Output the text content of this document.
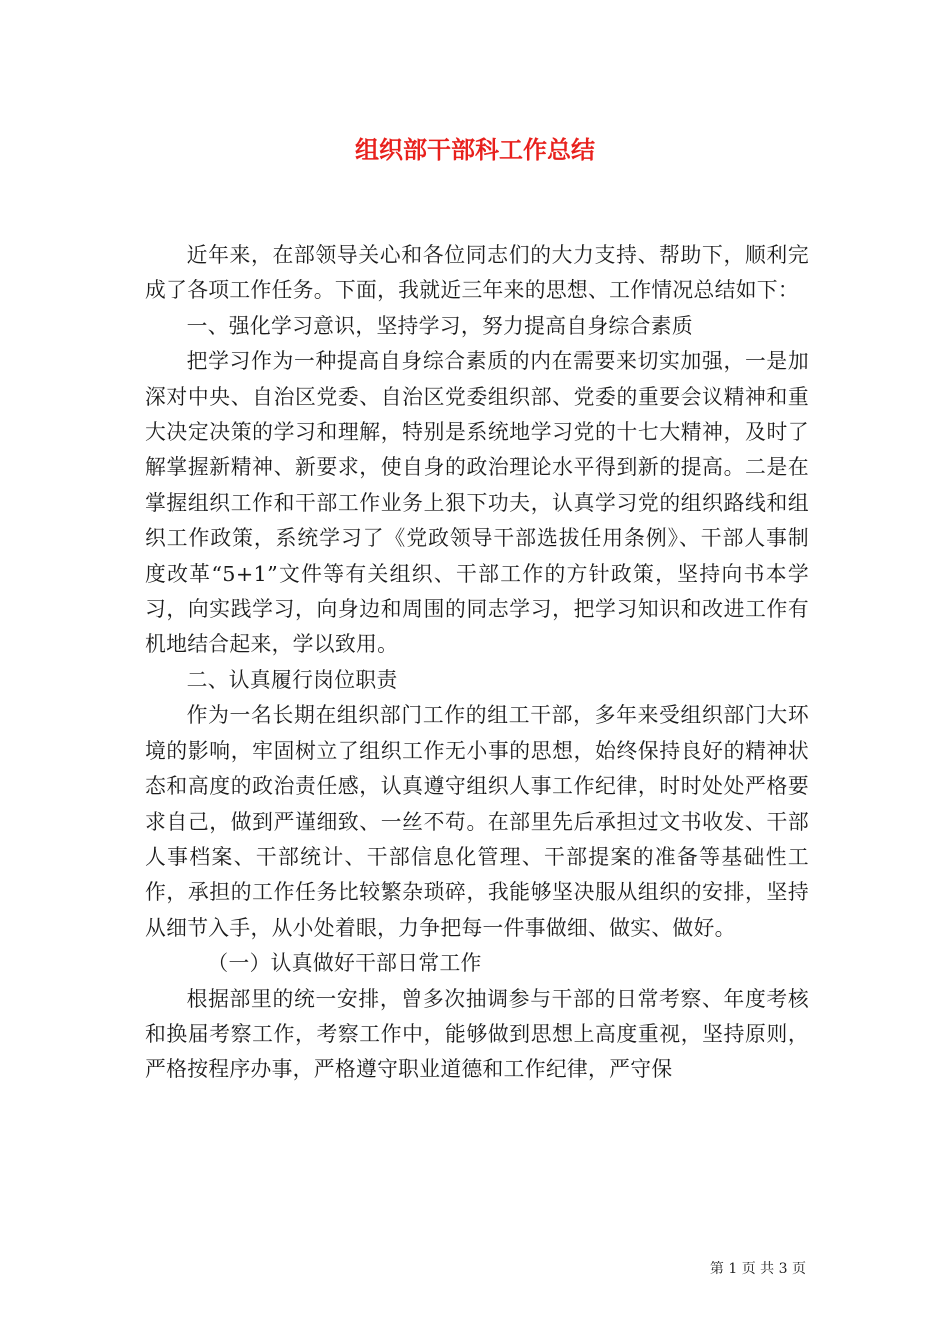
组织部干部科工作总结

近年来，在部领导关心和各位同志们的大力支持、帮助下，顺利完成了各项工作任务。下面，我就近三年来的思想、工作情况总结如下：

一、强化学习意识，坚持学习，努力提高自身综合素质

把学习作为一种提高自身综合素质的内在需要来切实加强，一是加深对中央、自治区党委、自治区党委组织部、党委的重要会议精神和重大决定决策的学习和理解，特别是系统地学习党的十七大精神，及时了解掌握新精神、新要求，使自身的政治理论水平得到新的提高。二是在掌握组织工作和干部工作业务上狠下功夫，认真学习党的组织路线和组织工作政策，系统学习了《党政领导干部选拔任用条例》、干部人事制度改革“5+1”文件等有关组织、干部工作的方针政策，坚持向书本学习，向实践学习，向身边和周围的同志学习，把学习知识和改进工作有机地结合起来，学以致用。

二、认真履行岗位职责

作为一名长期在组织部门工作的组工干部，多年来受组织部门大环境的影响，牢固树立了组织工作无小事的思想，始终保持良好的精神状态和高度的政治责任感，认真遵守组织人事工作纪律，时时处处严格要求自己，做到严谨细致、一丝不苟。在部里先后承担过文书收发、干部人事档案、干部统计、干部信息化管理、干部提案的准备等基础性工作，承担的工作任务比较繁杂琐碎，我能够坚决服从组织的安排，坚持从细节入手，从小处着眼，力争把每一件事做细、做实、做好。

（一）认真做好干部日常工作

根据部里的统一安排，曾多次抽调参与干部的日常考察、年度考核和换届考察工作，考察工作中，能够做到思想上高度重视，坚持原则，严格按程序办事，严格遵守职业道德和工作纪律，严守保

第 1 页 共 3 页
